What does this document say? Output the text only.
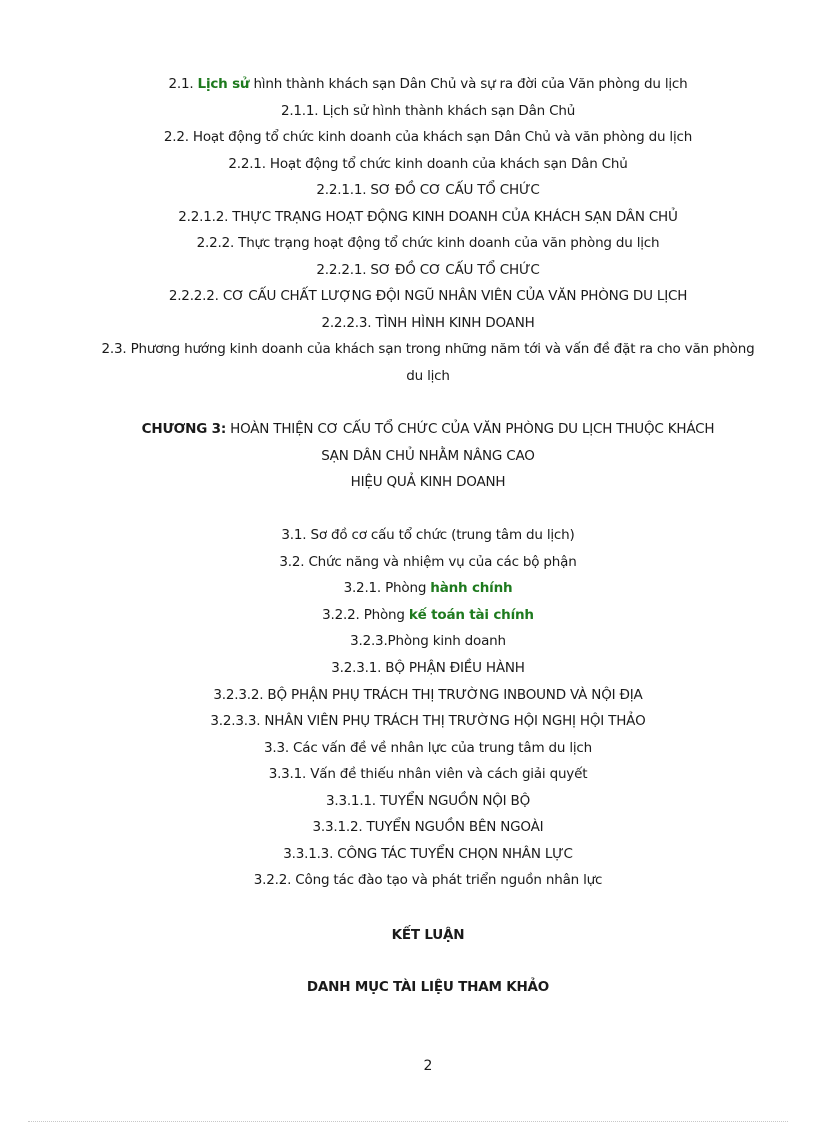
2.1. Lịch sử hình thành khách sạn Dân Chủ và sự ra đời của Văn phòng du lịch
2.1.1. Lịch sử hình thành khách sạn Dân Chủ
2.2. Hoạt động tổ chức kinh doanh của khách sạn Dân Chủ và văn phòng du lịch
2.2.1. Hoạt động tổ chức kinh doanh của khách sạn Dân Chủ
2.2.1.1. SƠ ĐỒ CƠ CẤU TỔ CHỨC
2.2.1.2. THỰC TRẠNG HOẠT ĐỘNG KINH DOANH CỦA KHÁCH SẠN DÂN CHỦ
2.2.2. Thực trạng hoạt động tổ chức kinh doanh của văn phòng du lịch
2.2.2.1. SƠ ĐỒ CƠ CẤU TỔ CHỨC
2.2.2.2. CƠ CẤU CHẤT LƯỢNG ĐỘI NGŨ NHÂN VIÊN CỦA VĂN PHÒNG DU LỊCH
2.2.2.3. TÌNH HÌNH KINH DOANH
2.3. Phương hướng kinh doanh của khách sạn trong những năm tới và vấn đề đặt ra cho văn phòng du lịch
CHƯƠNG 3: HOÀN THIỆN CƠ CẤU TỔ CHỨC CỦA VĂN PHÒNG DU LỊCH THUỘC KHÁCH
SẠN DÂN CHỦ NHẰM NÂNG CAO
HIỆU QUẢ KINH DOANH
3.1. Sơ đồ cơ cấu tổ chức (trung tâm du lịch)
3.2. Chức năng và nhiệm vụ của các bộ phận
3.2.1. Phòng hành chính
3.2.2. Phòng kế toán tài chính
3.2.3.Phòng kinh doanh
3.2.3.1. BỘ PHẬN ĐIỀU HÀNH
3.2.3.2. BỘ PHẬN PHỤ TRÁCH THỊ TRƯỜNG INBOUND VÀ NỘI ĐỊA
3.2.3.3. NHÂN VIÊN PHỤ TRÁCH THỊ TRƯỜNG HỘI NGHỊ HỘI THẢO
3.3. Các vấn đề về nhân lực của trung tâm du lịch
3.3.1. Vấn đề thiếu nhân viên và cách giải quyết
3.3.1.1. TUYỂN NGUỒN NỘI BỘ
3.3.1.2. TUYỂN NGUỒN BÊN NGOÀI
3.3.1.3. CÔNG TÁC TUYỂN CHỌN NHÂN LỰC
3.2.2. Công tác đào tạo và phát triển nguồn nhân lực
KẾT LUẬN
DANH MỤC TÀI LIỆU THAM KHẢO
2
